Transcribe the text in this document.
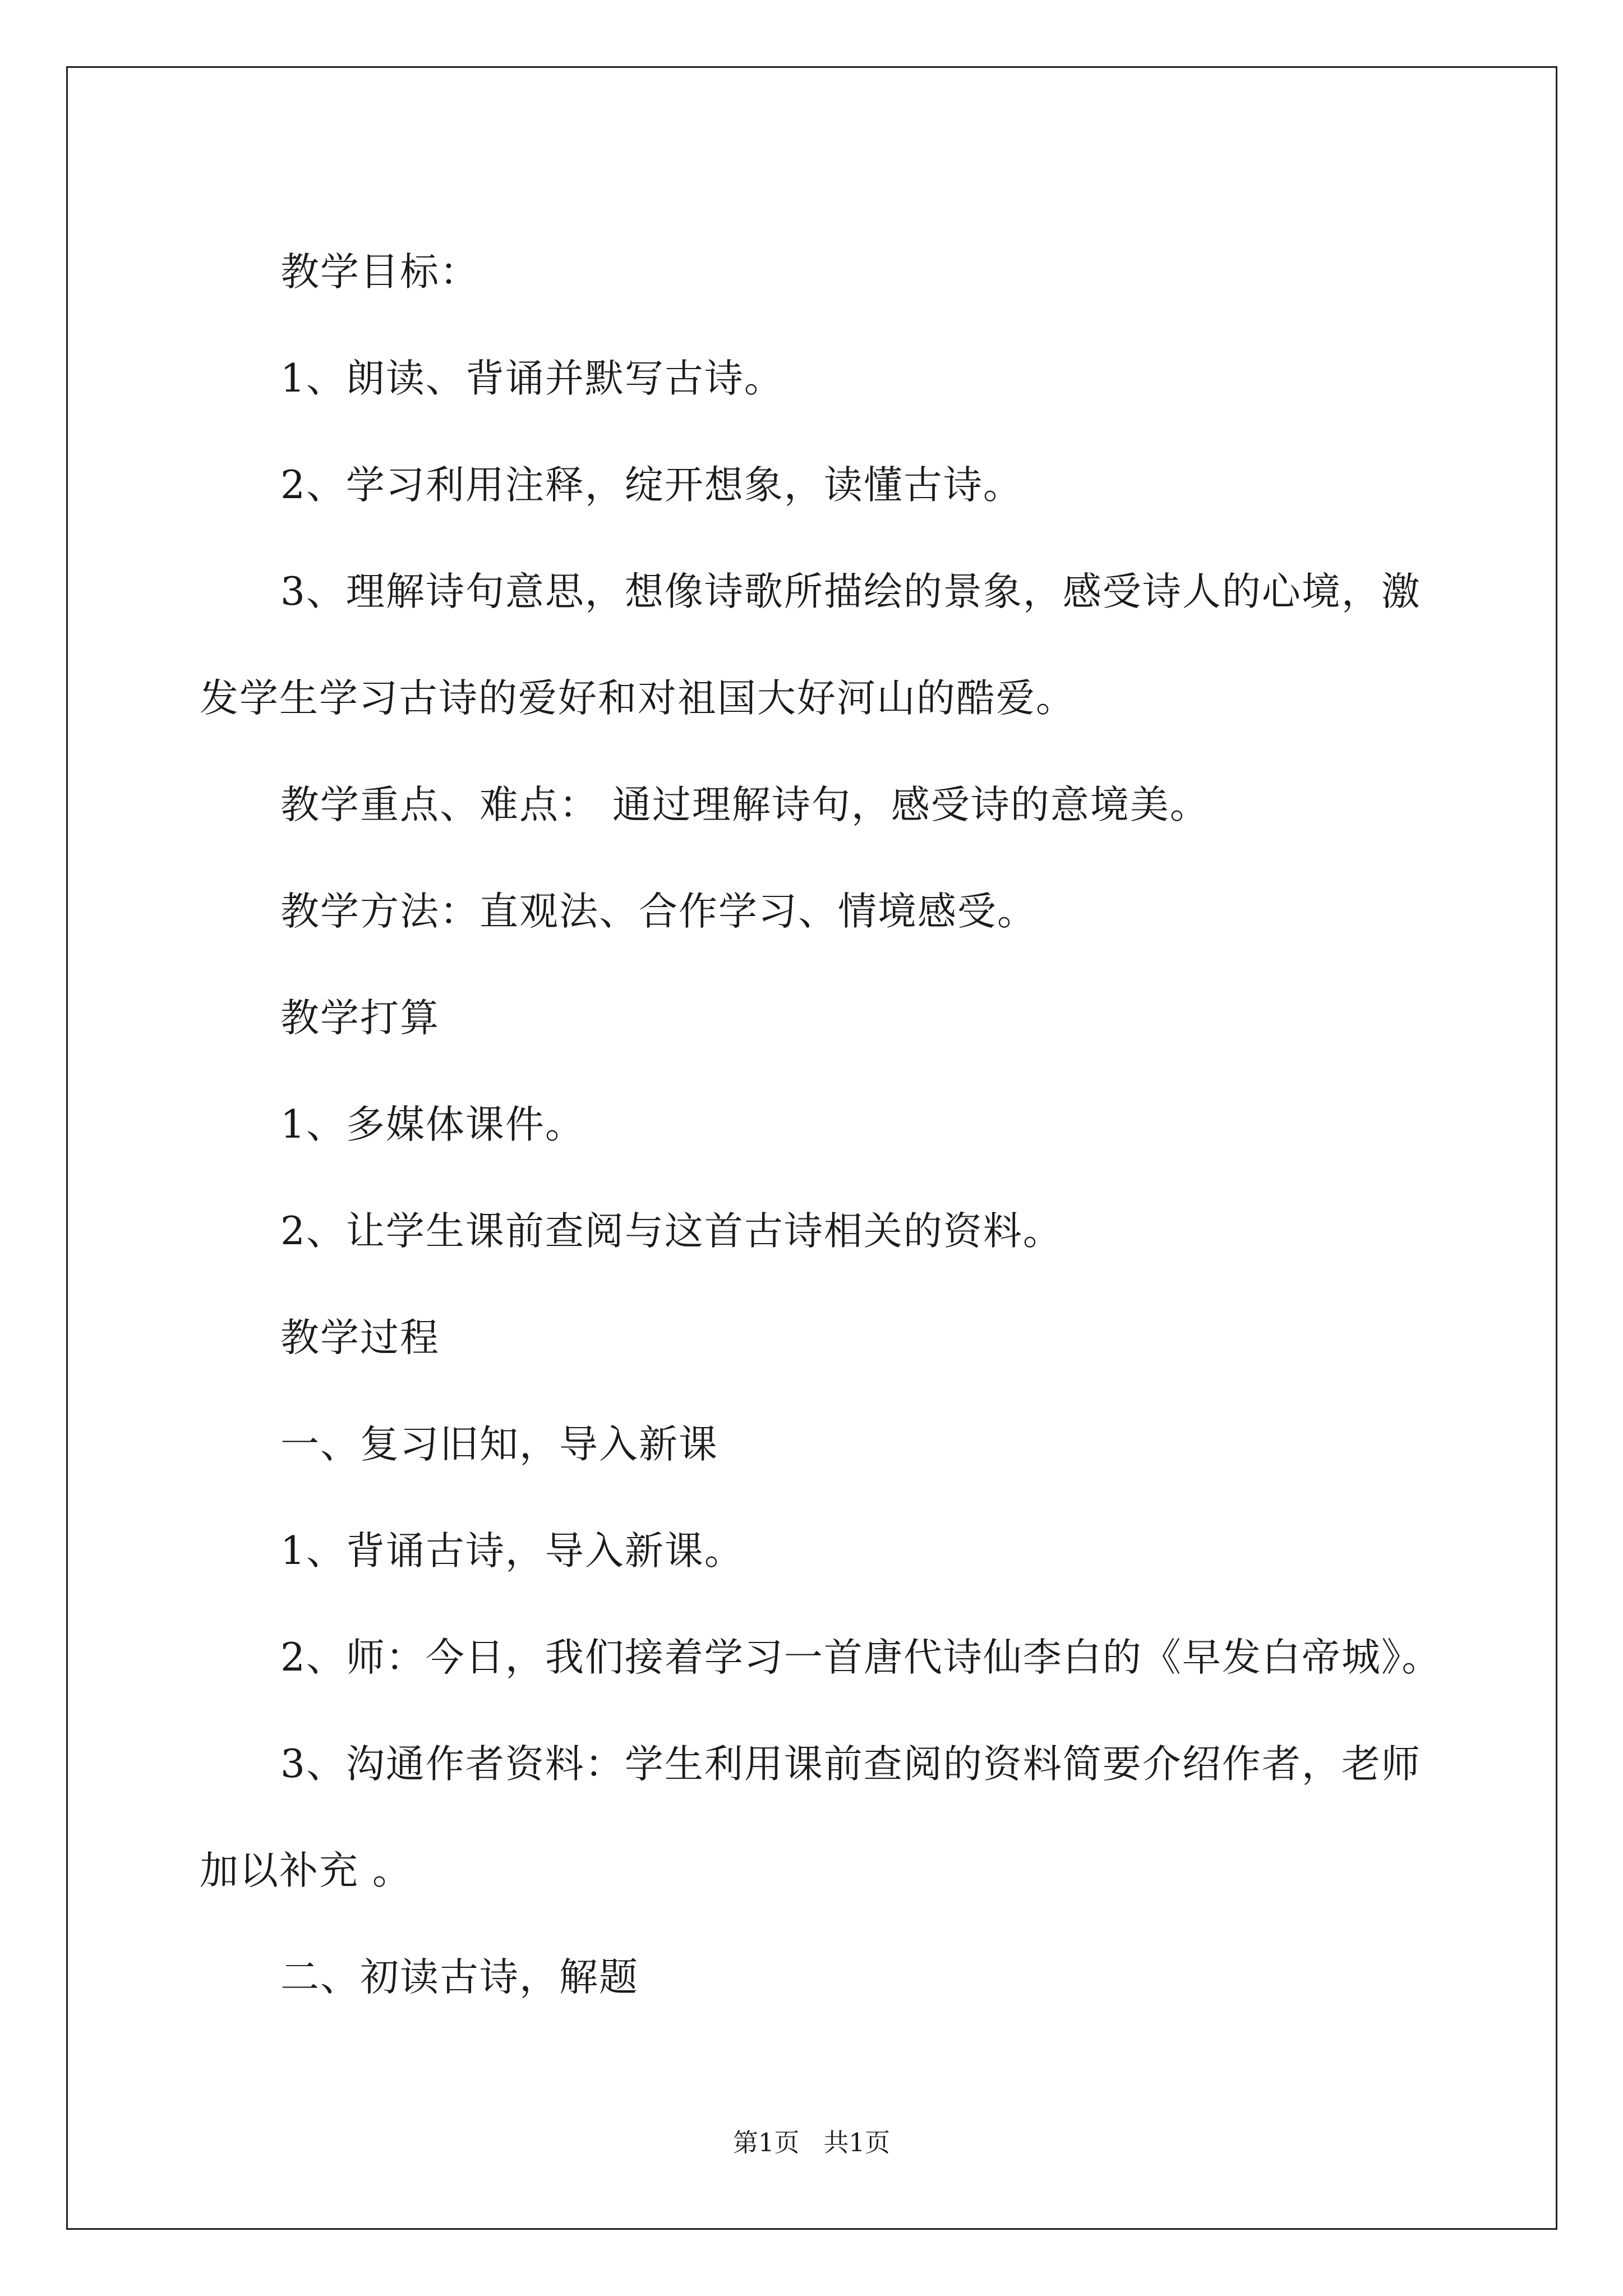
教学目标：

1、朗读、背诵并默写古诗。

2、学习利用注释，绽开想象，读懂古诗。

3、理解诗句意思，想像诗歌所描绘的景象，感受诗人的心境，激

发学生学习古诗的爱好和对祖国大好河山的酷爱。

教学重点、难点： 通过理解诗句，感受诗的意境美。

教学方法：直观法、合作学习、情境感受。

教学打算

1、多媒体课件。

2、让学生课前查阅与这首古诗相关的资料。

教学过程

一、复习旧知，导入新课

1、背诵古诗，导入新课。

2、师：今日，我们接着学习一首唐代诗仙李白的《早发白帝城》。

3、沟通作者资料：学生利用课前查阅的资料简要介绍作者，老师

加以补充 。

二、初读古诗，解题

第1页   共1页
